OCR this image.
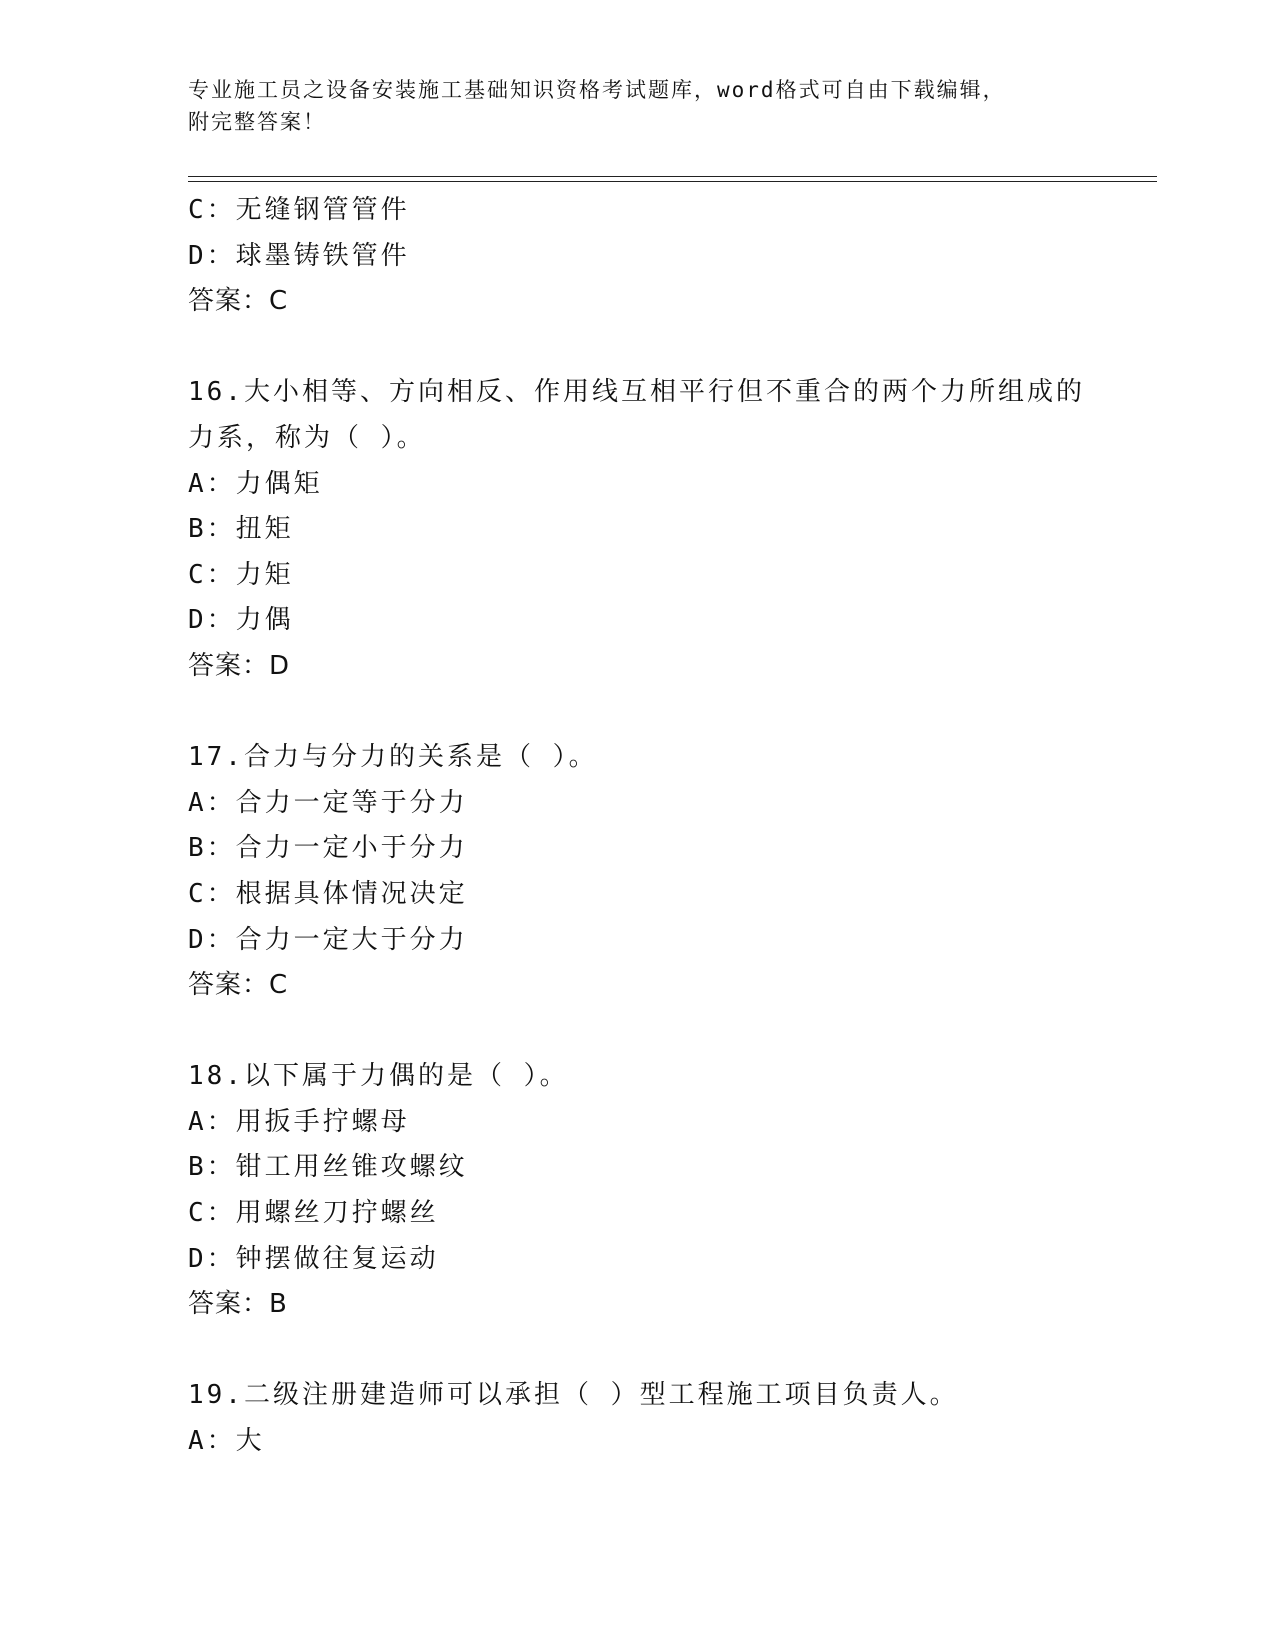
专业施工员之设备安装施工基础知识资格考试题库，word格式可自由下载编辑，
附完整答案！
C：无缝钢管管件
D：球墨铸铁管件
答案：C
16.大小相等、方向相反、作用线互相平行但不重合的两个力所组成的
力系，称为（ ）。
A：力偶矩
B：扭矩
C：力矩
D：力偶
答案：D
17.合力与分力的关系是（ ）。
A：合力一定等于分力
B：合力一定小于分力
C：根据具体情况决定
D：合力一定大于分力
答案：C
18.以下属于力偶的是（ ）。
A：用扳手拧螺母
B：钳工用丝锥攻螺纹
C：用螺丝刀拧螺丝
D：钟摆做往复运动
答案：B
19.二级注册建造师可以承担（ ）型工程施工项目负责人。
A：大
